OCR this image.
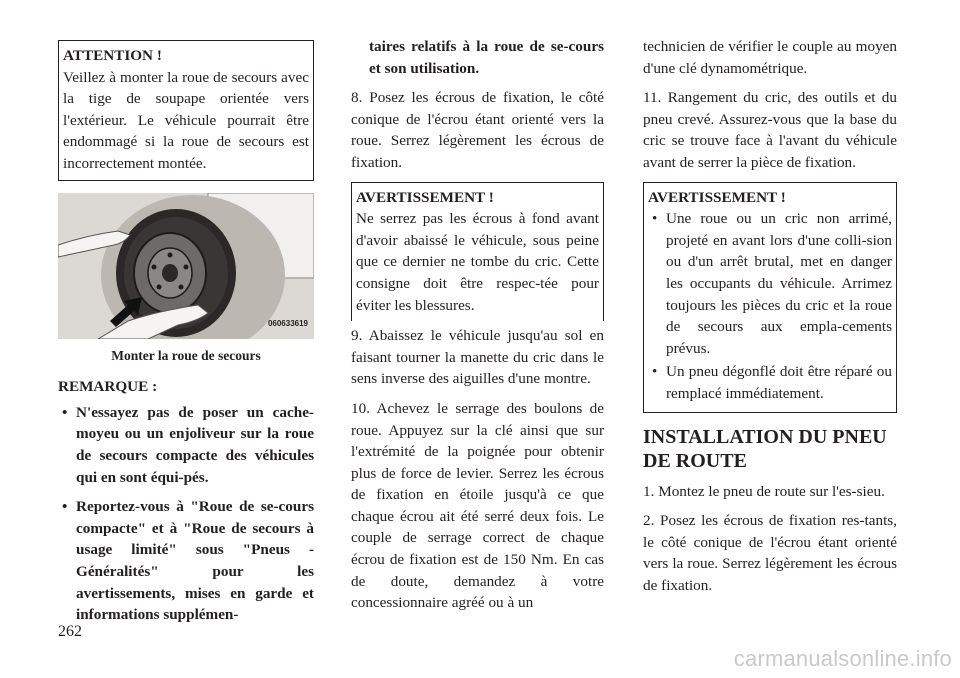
ATTENTION !

Veillez à monter la roue de secours avec la tige de soupape orientée vers l'extérieur. Le véhicule pourrait être endommagé si la roue de secours est incorrectement montée.

060633619
Monter la roue de secours
REMARQUE :
• N'essayez pas de poser un cache-moyeu ou un enjoliveur sur la roue de secours compacte des véhicules qui en sont équi-pés.
• Reportez-vous à "Roue de se-cours compacte" et à "Roue de secours à usage limité" sous "Pneus - Généralités" pour les avertissements, mises en garde et informations supplémen-

taires relatifs à la roue de se-cours et son utilisation.

8. Posez les écrous de fixation, le côté conique de l'écrou étant orienté vers la roue. Serrez légèrement les écrous de fixation.

AVERTISSEMENT !

Ne serrez pas les écrous à fond avant d'avoir abaissé le véhicule, sous peine que ce dernier ne tombe du cric. Cette consigne doit être respec-tée pour éviter les blessures.

9. Abaissez le véhicule jusqu'au sol en faisant tourner la manette du cric dans le sens inverse des aiguilles d'une montre.

10. Achevez le serrage des boulons de roue. Appuyez sur la clé ainsi que sur l'extrémité de la poignée pour obtenir plus de force de levier. Serrez les écrous de fixation en étoile jusqu'à ce que chaque écrou ait été serré deux fois. Le couple de serrage correct de chaque écrou de fixation est de 150 Nm. En cas de doute, demandez à votre concessionnaire agréé ou à un

technicien de vérifier le couple au moyen d'une clé dynamométrique.

11. Rangement du cric, des outils et du pneu crevé. Assurez-vous que la base du cric se trouve face à l'avant du véhicule avant de serrer la pièce de fixation.

AVERTISSEMENT !
• Une roue ou un cric non arrimé, projeté en avant lors d'une colli-sion ou d'un arrêt brutal, met en danger les occupants du véhicule. Arrimez toujours les pièces du cric et la roue de secours aux empla-cements prévus.
• Un pneu dégonflé doit être réparé ou remplacé immédiatement.
INSTALLATION DU PNEU DE ROUTE

1. Montez le pneu de route sur l'es-sieu.

2. Posez les écrous de fixation res-tants, le côté conique de l'écrou étant orienté vers la roue. Serrez légèrement les écrous de fixation.

262
carmanualsonline.info
